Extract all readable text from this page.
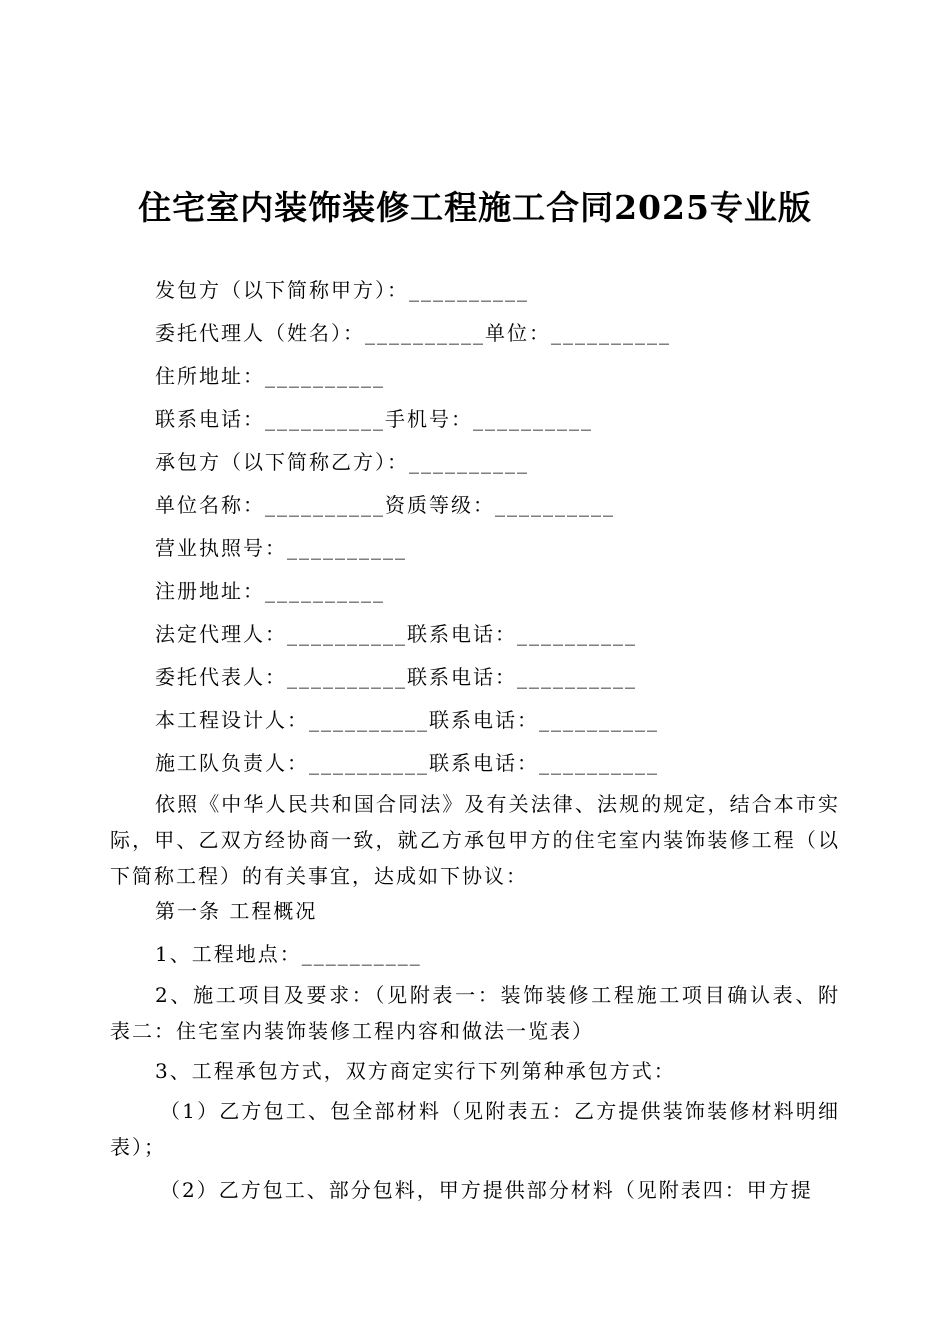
住宅室内装饰装修工程施工合同2025专业版
发包方（以下简称甲方）：__________
委托代理人（姓名）：__________单位：__________
住所地址：__________
联系电话：__________手机号：__________
承包方（以下简称乙方）：__________
单位名称：__________资质等级：__________
营业执照号：__________
注册地址：__________
法定代理人：__________联系电话：__________
委托代表人：__________联系电话：__________
本工程设计人：__________联系电话：__________
施工队负责人：__________联系电话：__________
依照《中华人民共和国合同法》及有关法律、法规的规定，结合本市实际，甲、乙双方经协商一致，就乙方承包甲方的住宅室内装饰装修工程（以下简称工程）的有关事宜，达成如下协议：
第一条 工程概况
1、工程地点：__________
2、施工项目及要求：（见附表一：装饰装修工程施工项目确认表、附表二：住宅室内装饰装修工程内容和做法一览表）
3、工程承包方式，双方商定实行下列第种承包方式：
（1）乙方包工、包全部材料（见附表五：乙方提供装饰装修材料明细表）；
（2）乙方包工、部分包料，甲方提供部分材料（见附表四：甲方提
